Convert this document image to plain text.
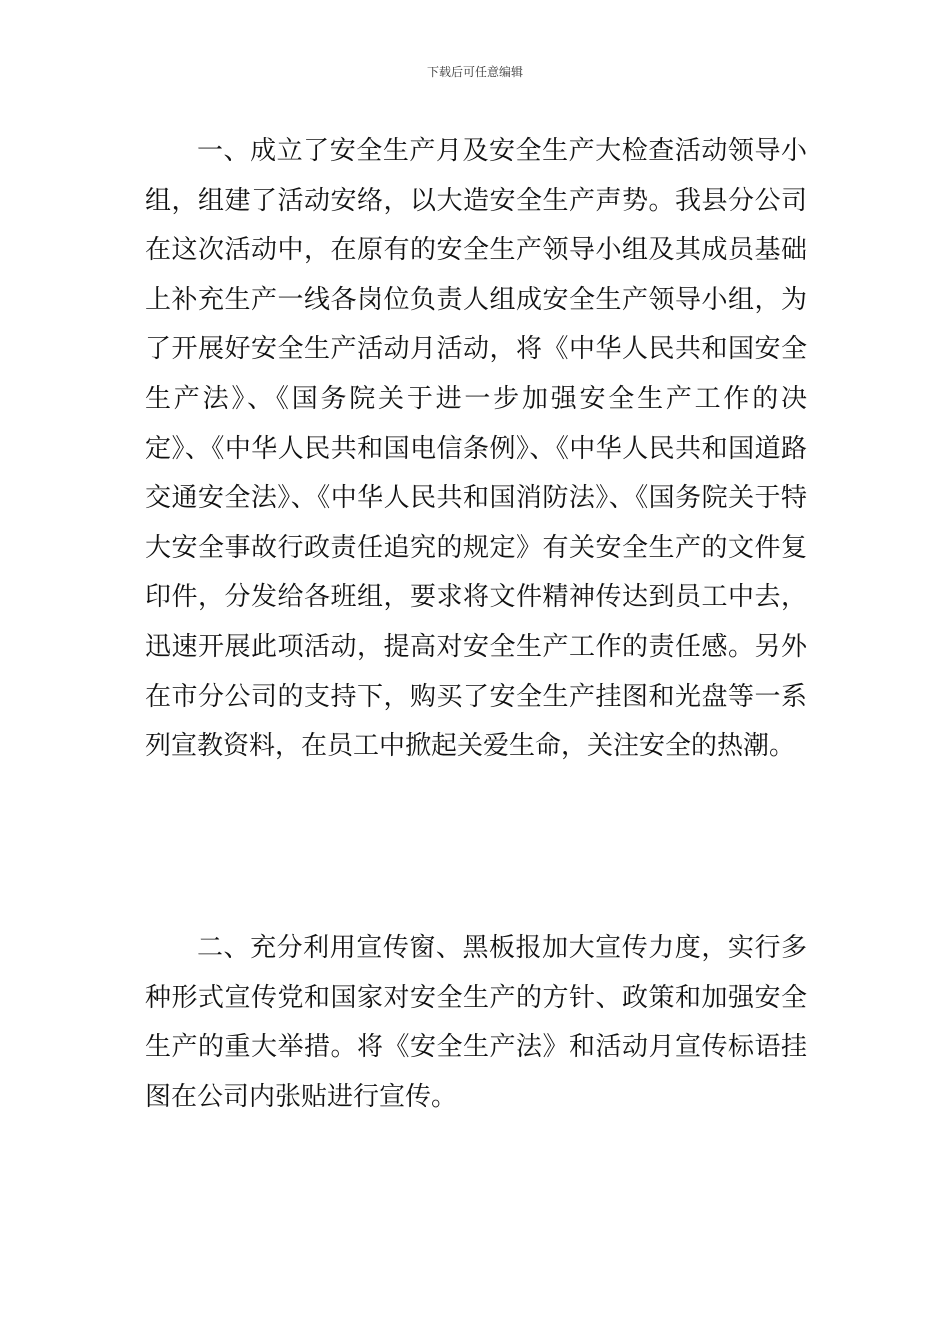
下载后可任意编辑

一、成立了安全生产月及安全生产大检查活动领导小组，组建了活动安络，以大造安全生产声势。我县分公司在这次活动中，在原有的安全生产领导小组及其成员基础上补充生产一线各岗位负责人组成安全生产领导小组，为了开展好安全生产活动月活动，将《中华人民共和国安全生产法》、《国务院关于进一步加强安全生产工作的决定》、《中华人民共和国电信条例》、《中华人民共和国道路交通安全法》、《中华人民共和国消防法》、《国务院关于特大安全事故行政责任追究的规定》有关安全生产的文件复印件，分发给各班组，要求将文件精神传达到员工中去，迅速开展此项活动，提高对安全生产工作的责任感。另外在市分公司的支持下，购买了安全生产挂图和光盘等一系列宣教资料，在员工中掀起关爱生命，关注安全的热潮。

二、充分利用宣传窗、黑板报加大宣传力度，实行多种形式宣传党和国家对安全生产的方针、政策和加强安全生产的重大举措。将《安全生产法》和活动月宣传标语挂图在公司内张贴进行宣传。
